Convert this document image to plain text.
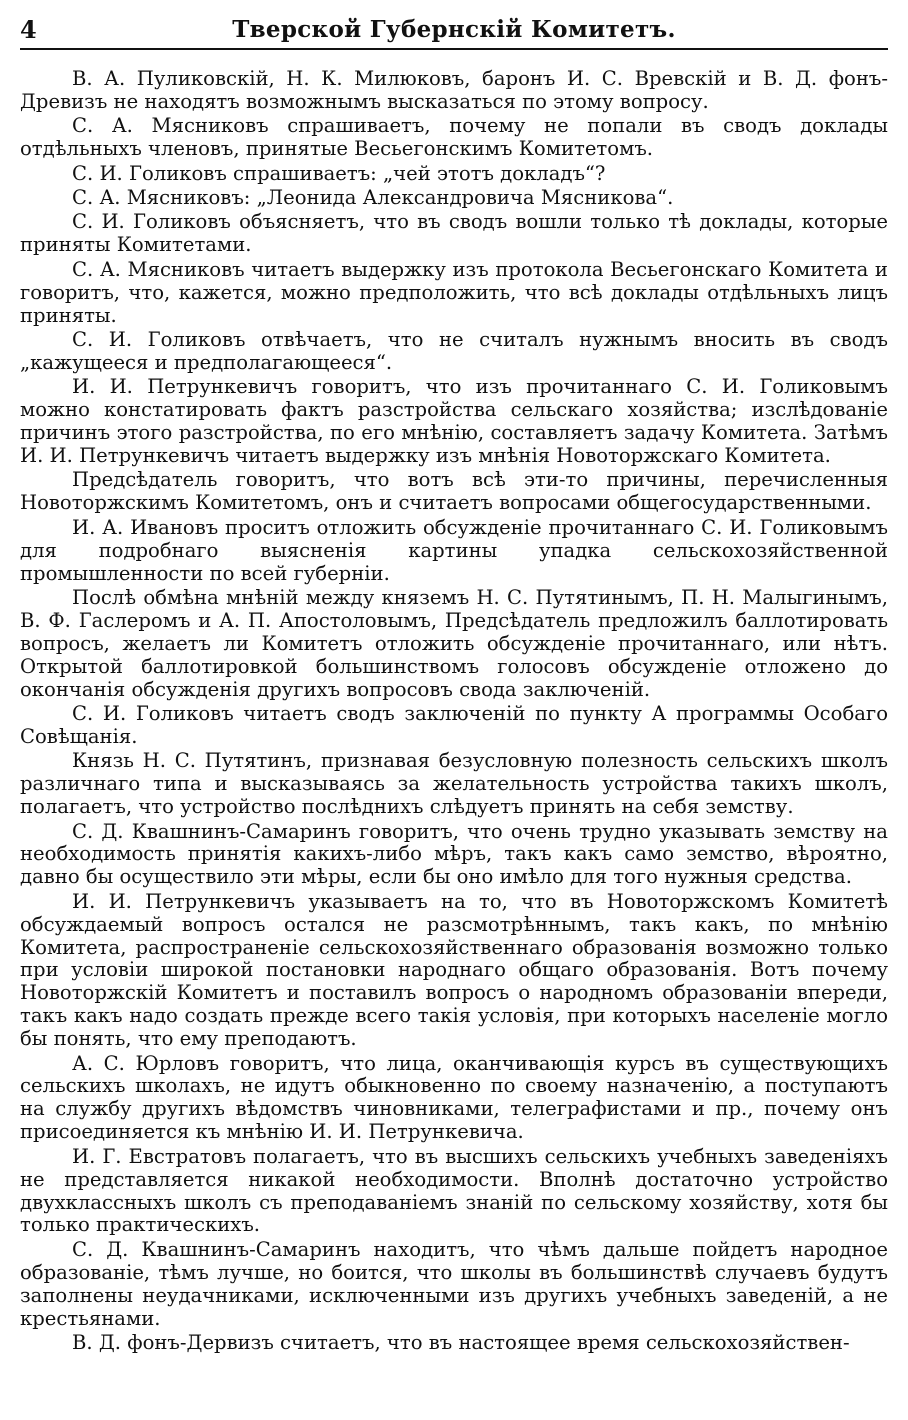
4	Тверской Губернскій Комитетъ.

В. А. Пуликовскій, Н. К. Милюковъ, баронъ И. С. Вревскій и В. Д. фонъ-Древизъ не находятъ возможнымъ высказаться по этому вопросу.

С. А. Мясниковъ спрашиваетъ, почему не попали въ сводъ доклады отдѣльныхъ членовъ, принятые Весьегонскимъ Комитетомъ.

С. И. Голиковъ спрашиваетъ: „чей этотъ докладъ“?

С. А. Мясниковъ: „Леонида Александровича Мясникова“.

С. И. Голиковъ объясняетъ, что въ сводъ вошли только тѣ доклады, которые приняты Комитетами.

С. А. Мясниковъ читаетъ выдержку изъ протокола Весьегонскаго Комитета и говоритъ, что, кажется, можно предположить, что всѣ доклады отдѣльныхъ лицъ приняты.

С. И. Голиковъ отвѣчаетъ, что не считалъ нужнымъ вносить въ сводъ „кажущееся и предполагающееся“.

И. И. Петрункевичъ говоритъ, что изъ прочитаннаго С. И. Голиковымъ можно констатировать фактъ разстройства сельскаго хозяйства; изслѣдованіе причинъ этого разстройства, по его мнѣнію, составляетъ задачу Комитета. Затѣмъ И. И. Петрункевичъ читаетъ выдержку изъ мнѣнія Новоторжскаго Комитета.

Предсѣдатель говоритъ, что вотъ всѣ эти-то причины, перечисленныя Новоторжскимъ Комитетомъ, онъ и считаетъ вопросами общегосударственными.

И. А. Ивановъ проситъ отложить обсужденіе прочитаннаго С. И. Голиковымъ для подробнаго выясненія картины упадка сельскохозяйственной промышленности по всей губерніи.

Послѣ обмѣна мнѣній между княземъ Н. С. Путятинымъ, П. Н. Малыгинымъ, В. Ф. Гаслеромъ и А. П. Апостоловымъ, Предсѣдатель предложилъ баллотировать вопросъ, желаетъ ли Комитетъ отложить обсужденіе прочитаннаго, или нѣтъ. Открытой баллотировкой большинствомъ голосовъ обсужденіе отложено до окончанія обсужденія другихъ вопросовъ свода заключеній.

С. И. Голиковъ читаетъ сводъ заключеній по пункту А программы Особаго Совѣщанія.

Князь Н. С. Путятинъ, признавая безусловную полезность сельскихъ школъ различнаго типа и высказываясь за желательность устройства такихъ школъ, полагаетъ, что устройство послѣднихъ слѣдуетъ принять на себя земству.

С. Д. Квашнинъ-Самаринъ говоритъ, что очень трудно указывать земству на необходимость принятія какихъ-либо мѣръ, такъ какъ само земство, вѣроятно, давно бы осуществило эти мѣры, если бы оно имѣло для того нужныя средства.

И. И. Петрункевичъ указываетъ на то, что въ Новоторжскомъ Комитетѣ обсуждаемый вопросъ остался не разсмотрѣннымъ, такъ какъ, по мнѣнію Комитета, распространеніе сельскохозяйственнаго образованія возможно только при условіи широкой постановки народнаго общаго образованія. Вотъ почему Новоторжскій Комитетъ и поставилъ вопросъ о народномъ образованіи впереди, такъ какъ надо создать прежде всего такія условія, при которыхъ населеніе могло бы понять, что ему преподаютъ.

А. С. Юрловъ говоритъ, что лица, оканчивающія курсъ въ существующихъ сельскихъ школахъ, не идутъ обыкновенно по своему назначенію, а поступаютъ на службу другихъ вѣдомствъ чиновниками, телеграфистами и пр., почему онъ присоединяется къ мнѣнію И. И. Петрункевича.

И. Г. Евстратовъ полагаетъ, что въ высшихъ сельскихъ учебныхъ заведеніяхъ не представляется никакой необходимости. Вполнѣ достаточно устройство двухклассныхъ школъ съ преподаваніемъ знаній по сельскому хозяйству, хотя бы только практическихъ.

С. Д. Квашнинъ-Самаринъ находитъ, что чѣмъ дальше пойдетъ народное образованіе, тѣмъ лучше, но боится, что школы въ большинствѣ случаевъ будутъ заполнены неудачниками, исключенными изъ другихъ учебныхъ заведеній, а не крестьянами.

В. Д. фонъ-Дервизъ считаетъ, что въ настоящее время сельскохозяйствен-
